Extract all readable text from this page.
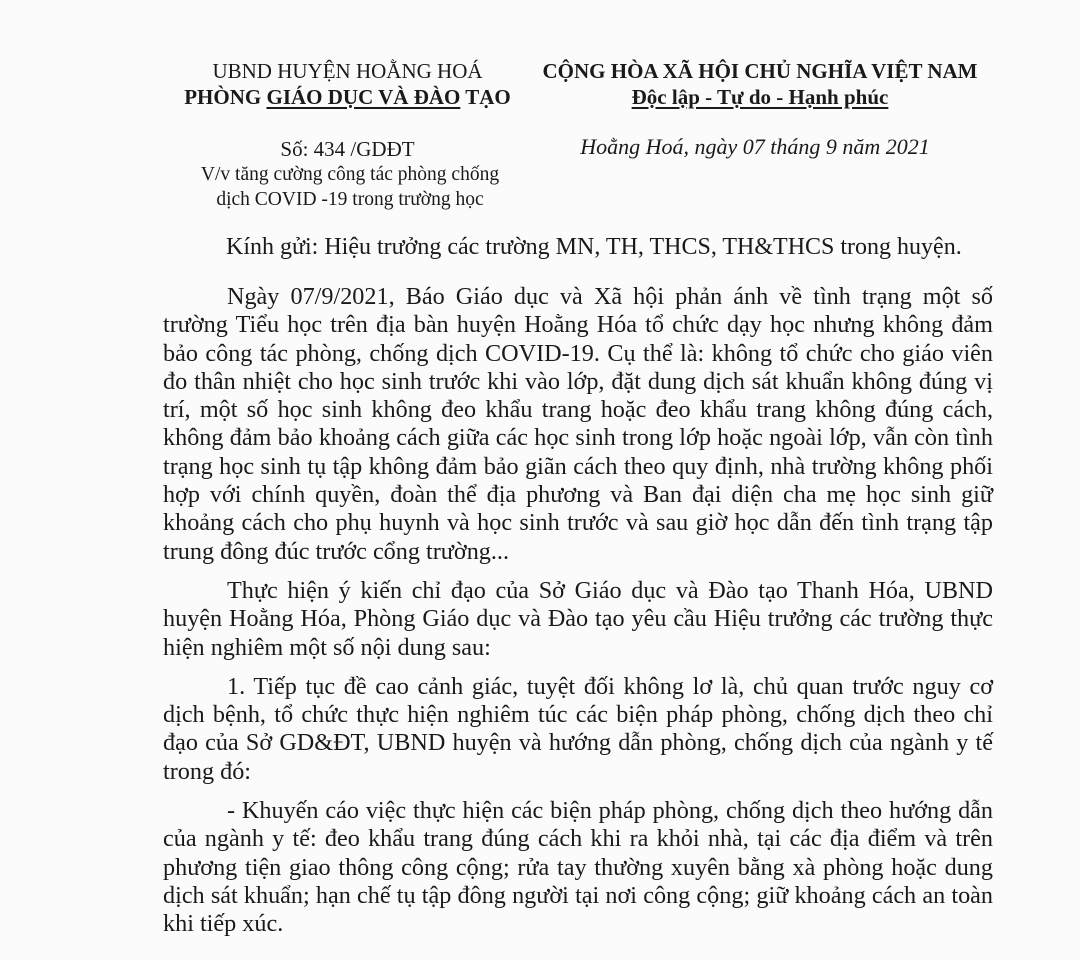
UBND HUYỆN HOẰNG HOÁ
PHÒNG GIÁO DỤC VÀ ĐÀO TẠO
CỘNG HÒA XÃ HỘI CHỦ NGHĨA VIỆT NAM
Độc lập - Tự do - Hạnh phúc
Số: 434 /GDĐT
V/v tăng cường công tác phòng chống
dịch COVID -19 trong trường học
Hoằng Hoá, ngày 07 tháng 9 năm 2021
Kính gửi: Hiệu trưởng các trường MN, TH, THCS, TH&THCS trong huyện.

Ngày 07/9/2021, Báo Giáo dục và Xã hội phản ánh về tình trạng một số trường Tiểu học trên địa bàn huyện Hoằng Hóa tổ chức dạy học nhưng không đảm bảo công tác phòng, chống dịch COVID-19. Cụ thể là: không tổ chức cho giáo viên đo thân nhiệt cho học sinh trước khi vào lớp, đặt dung dịch sát khuẩn không đúng vị trí, một số học sinh không đeo khẩu trang hoặc đeo khẩu trang không đúng cách, không đảm bảo khoảng cách giữa các học sinh trong lớp hoặc ngoài lớp, vẫn còn tình trạng học sinh tụ tập không đảm bảo giãn cách theo quy định, nhà trường không phối hợp với chính quyền, đoàn thể địa phương và Ban đại diện cha mẹ học sinh giữ khoảng cách cho phụ huynh và học sinh trước và sau giờ học dẫn đến tình trạng tập trung đông đúc trước cổng trường...

Thực hiện ý kiến chỉ đạo của Sở Giáo dục và Đào tạo Thanh Hóa, UBND huyện Hoằng Hóa, Phòng Giáo dục và Đào tạo yêu cầu Hiệu trưởng các trường thực hiện nghiêm một số nội dung sau:

1. Tiếp tục đề cao cảnh giác, tuyệt đối không lơ là, chủ quan trước nguy cơ dịch bệnh, tổ chức thực hiện nghiêm túc các biện pháp phòng, chống dịch theo chỉ đạo của Sở GD&ĐT, UBND huyện và hướng dẫn phòng, chống dịch của ngành y tế trong đó:

- Khuyến cáo việc thực hiện các biện pháp phòng, chống dịch theo hướng dẫn của ngành y tế: đeo khẩu trang đúng cách khi ra khỏi nhà, tại các địa điểm và trên phương tiện giao thông công cộng; rửa tay thường xuyên bằng xà phòng hoặc dung dịch sát khuẩn; hạn chế tụ tập đông người tại nơi công cộng; giữ khoảng cách an toàn khi tiếp xúc.
